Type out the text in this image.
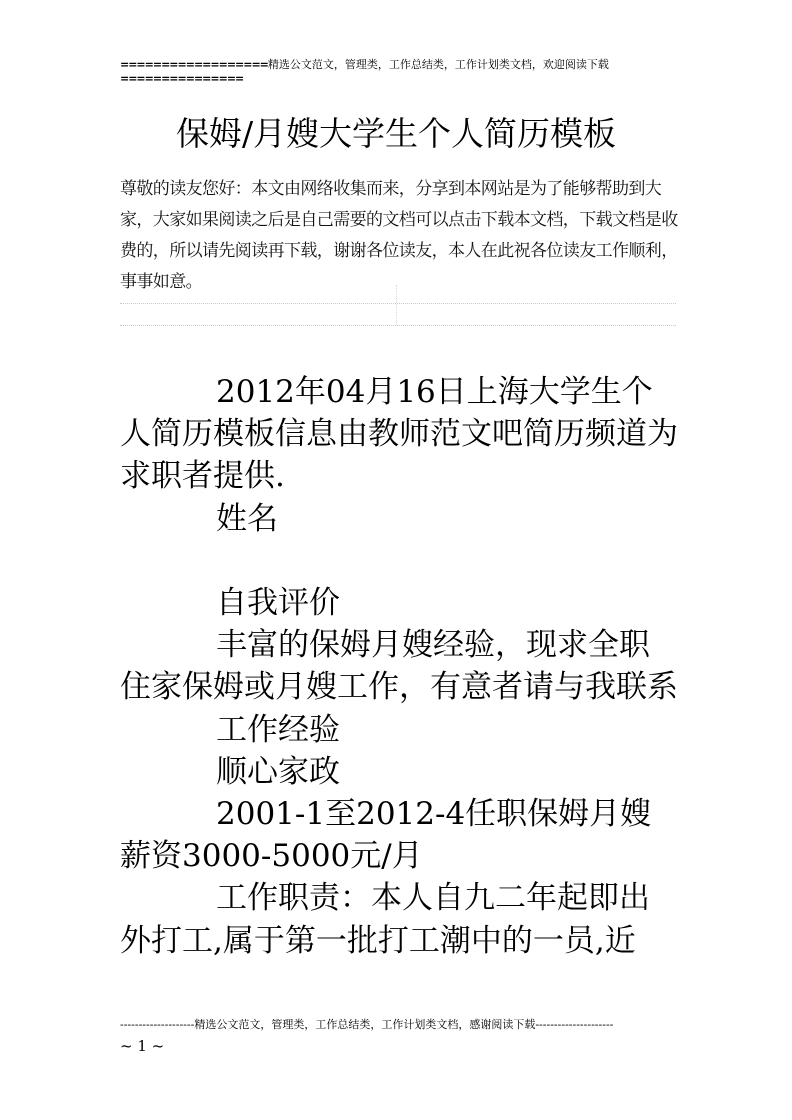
==================精选公文范文，管理类，工作总结类，工作计划类文档，欢迎阅读下载
===============
保姆/月嫂大学生个人简历模板
尊敬的读友您好：本文由网络收集而来，分享到本网站是为了能够帮助到大家，大家如果阅读之后是自己需要的文档可以点击下载本文档，下载文档是收费的，所以请先阅读再下载，谢谢各位读友，本人在此祝各位读友工作顺利，事事如意。

2012年04月16日上海大学生个人简历模板信息由教师范文吧简历频道为求职者提供.

姓名

自我评价

丰富的保姆月嫂经验，现求全职住家保姆或月嫂工作，有意者请与我联系

工作经验

顺心家政

2001-1至2012-4任职保姆月嫂 薪资3000-5000元/月

工作职责：本人自九二年起即出外打工,属于第一批打工潮中的一员,近

--------------------精选公文范文，管理类，工作总结类，工作计划类文档，感谢阅读下载---------------------
~ 1 ~
